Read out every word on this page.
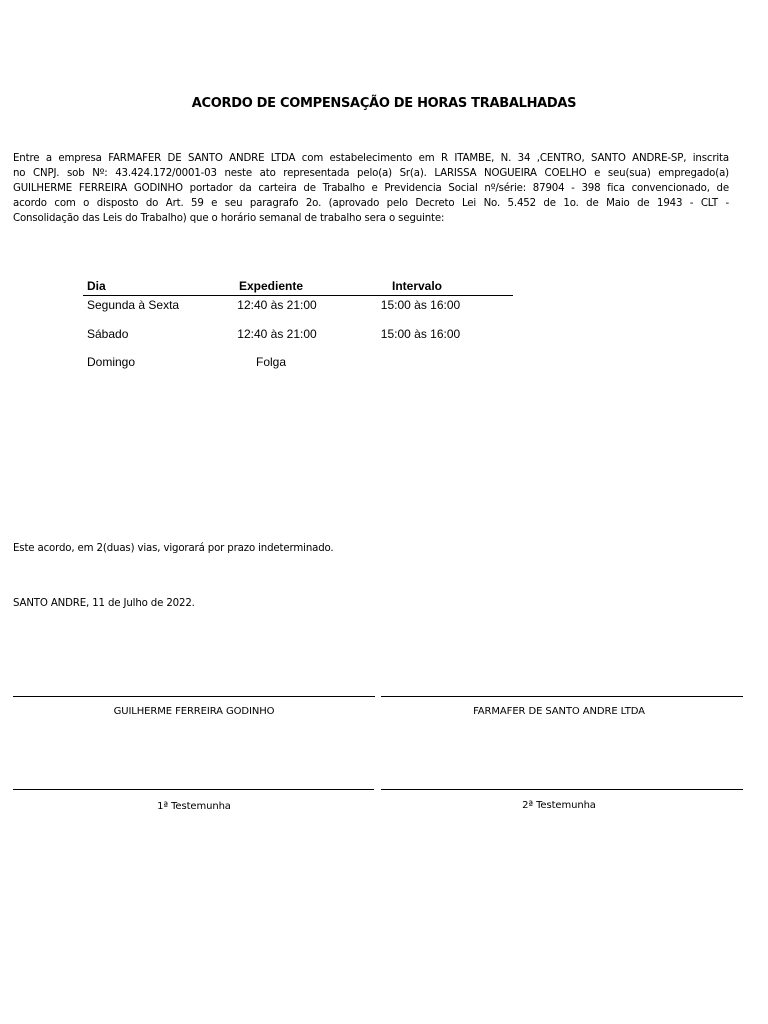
ACORDO DE COMPENSAÇÃO DE HORAS TRABALHADAS
Entre a empresa FARMAFER DE SANTO ANDRE LTDA com estabelecimento em R ITAMBE, N. 34 ,CENTRO, SANTO ANDRE-SP, inscrita
no CNPJ. sob Nº: 43.424.172/0001-03 neste ato representada pelo(a) Sr(a). LARISSA NOGUEIRA COELHO e seu(sua) empregado(a)
GUILHERME FERREIRA GODINHO portador da carteira de Trabalho e Previdencia Social nº/série: 87904 - 398 fica convencionado, de
acordo com o disposto do Art. 59 e seu paragrafo 2o. (aprovado pelo Decreto Lei No. 5.452 de 1o. de Maio de 1943 - CLT -
Consolidação das Leis do Trabalho) que o horário semanal de trabalho sera o seguinte:
Dia	Expediente	Intervalo
Segunda à Sexta	12:40 às 21:00	15:00 às 16:00
Sábado	12:40 às 21:00	15:00 às 16:00
Domingo	Folga
Este acordo, em 2(duas) vias, vigorará por prazo indeterminado.
SANTO ANDRE, 11 de Julho de 2022.
GUILHERME FERREIRA GODINHO	FARMAFER DE SANTO ANDRE LTDA
1ª Testemunha	2ª Testemunha
